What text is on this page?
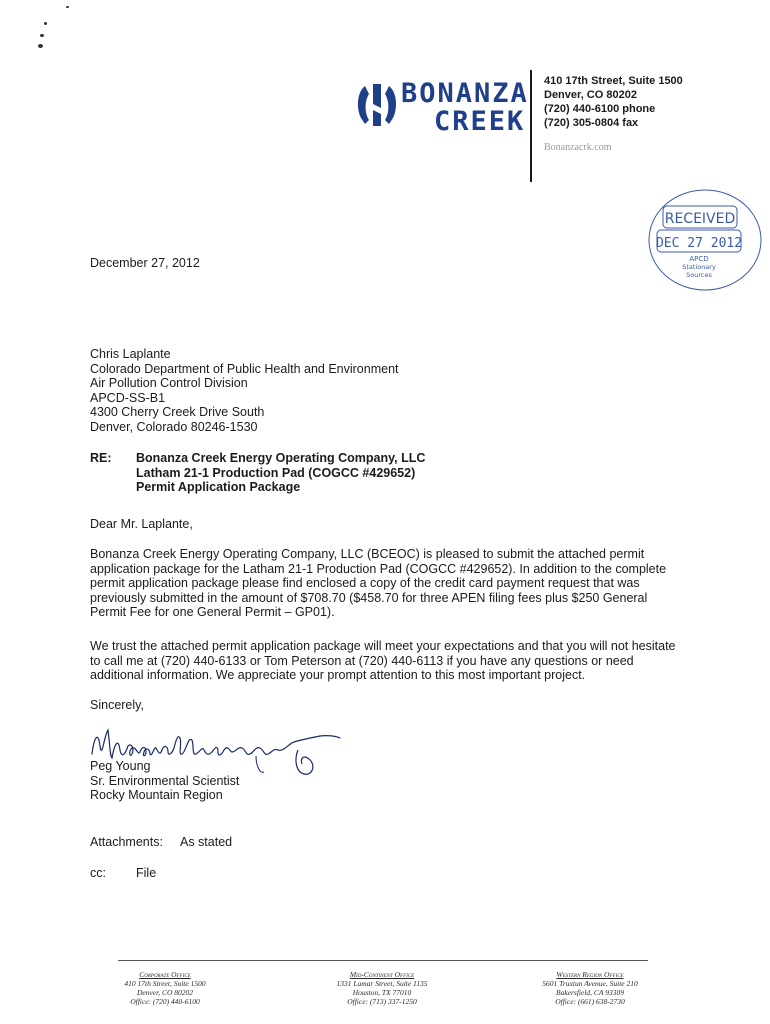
BONANZA
CREEK
410 17th Street, Suite 1500
Denver, CO 80202
(720) 440-6100 phone
(720) 305-0804 fax
Bonanzacrk.com
RECEIVED
DEC 27 2012
APCD
Stationary
Sources
December 27, 2012
Chris Laplante
Colorado Department of Public Health and Environment
Air Pollution Control Division
APCD-SS-B1
4300 Cherry Creek Drive South
Denver, Colorado 80246-1530
RE: Bonanza Creek Energy Operating Company, LLC
Latham 21-1 Production Pad (COGCC #429652)
Permit Application Package
Dear Mr. Laplante,
Bonanza Creek Energy Operating Company, LLC (BCEOC) is pleased to submit the attached permit
application package for the Latham 21-1 Production Pad (COGCC #429652). In addition to the complete
permit application package please find enclosed a copy of the credit card payment request that was
previously submitted in the amount of $708.70 ($458.70 for three APEN filing fees plus $250 General
Permit Fee for one General Permit – GP01).
We trust the attached permit application package will meet your expectations and that you will not hesitate
to call me at (720) 440-6133 or Tom Peterson at (720) 440-6113 if you have any questions or need
additional information. We appreciate your prompt attention to this most important project.
Sincerely,
Peg Young
Sr. Environmental Scientist
Rocky Mountain Region
Attachments: As stated
cc: File
Corporate Office
410 17th Street, Suite 1500
Denver, CO 80202
Office: (720) 440-6100
Mid-Continent Office
1331 Lamar Street, Suite 1135
Houston, TX 77010
Office: (713) 337-1250
Western Region Office
5601 Truxtun Avenue, Suite 210
Bakersfield, CA 93309
Office: (661) 638-2730
